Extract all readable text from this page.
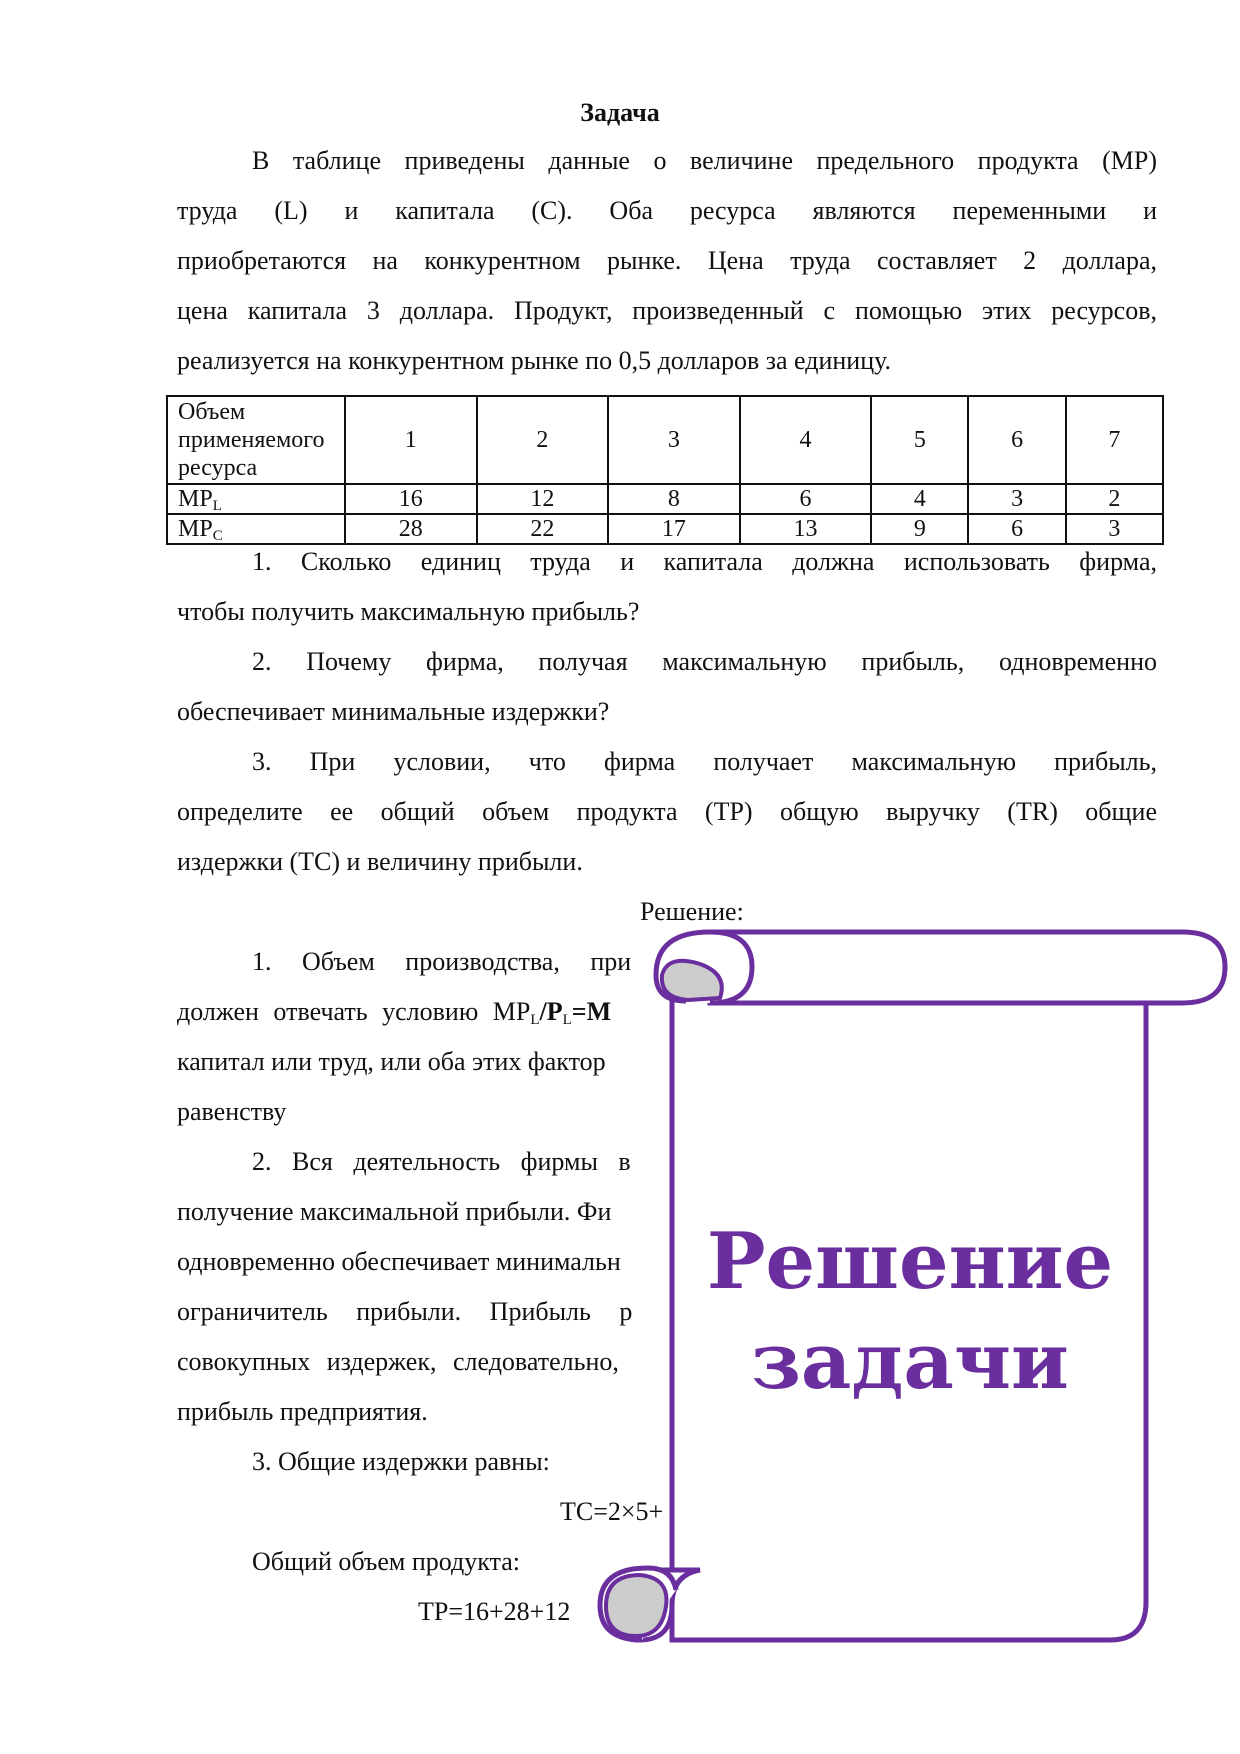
Задача
В таблице приведены данные о величине предельного продукта (МР)
труда (L) и капитала (С). Оба ресурса являются переменными и
приобретаются на конкурентном рынке. Цена труда составляет 2 доллара,
цена капитала 3 доллара. Продукт, произведенный с помощью этих ресурсов,
реализуется на конкурентном рынке по 0,5 долларов за единицу.
Объем
применяемого
ресурса	1	2	3	4	5	6	7
$MP_L$	16	12	8	6	4	3	2
$MP_C$	28	22	17	13	9	6	3
1. Сколько единиц труда и капитала должна использовать фирма,
чтобы получить максимальную прибыль?
2. Почему фирма, получая максимальную прибыль, одновременно
обеспечивает минимальные издержки?
3. При условии, что фирма получает максимальную прибыль,
определите ее общий объем продукта (ТР) общую выручку (TR) общие
издержки (ТС) и величину прибыли.
Решение:
1. Объем производства, при
должен отвечать условию $MP_L/P_L=M$
капитал или труд, или оба этих фактор
равенству
2. Вся деятельность фирмы в
получение максимальной прибыли. Фи
одновременно обеспечивает минимальн
ограничитель прибыли. Прибыль р
совокупных издержек, следовательно,
прибыль предприятия.
3. Общие издержки равны:
ТС=2×5+
Общий объем продукта:
TP=16+28+12
Решение
задачи
